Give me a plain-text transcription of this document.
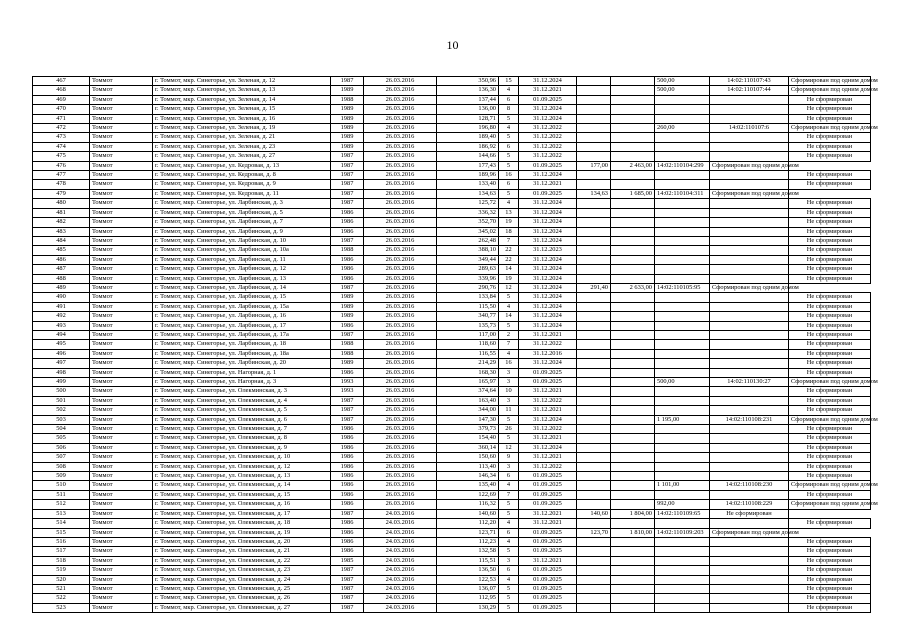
10
467	Томмот	г. Томмот, мкр. Синегорье, ул. Зеленая, д. 12	1987	26.03.2016	350,96	15	31.12.2024			500,00	14:02:110107:43	Сформирован под одним домом
468	Томмот	г. Томмот, мкр. Синегорье, ул. Зеленая, д. 13	1989	26.03.2016	136,30	4	31.12.2021			500,00	14:02:110107:44	Сформирован под одним домом
469	Томмот	г. Томмот, мкр. Синегорье, ул. Зеленая, д. 14	1988	26.03.2016	137,44	6	01.09.2025					Не сформирован
470	Томмот	г. Томмот, мкр. Синегорье, ул. Зеленая, д. 15	1989	26.03.2016	136,00	8	31.12.2024					Не сформирован
471	Томмот	г. Томмот, мкр. Синегорье, ул. Зеленая, д. 16	1989	26.03.2016	128,71	5	31.12.2024					Не сформирован
472	Томмот	г. Томмот, мкр. Синегорье, ул. Зеленая, д. 19	1989	26.03.2016	196,80	4	31.12.2022			260,00	14:02:110107:6	Сформирован под одним домом
473	Томмот	г. Томмот, мкр. Синегорье, ул. Зеленая, д. 21	1989	26.03.2016	189,40	5	31.12.2022					Не сформирован
474	Томмот	г. Томмот, мкр. Синегорье, ул. Зеленая, д. 23	1989	26.03.2016	186,92	6	31.12.2022					Не сформирован
475	Томмот	г. Томмот, мкр. Синегорье, ул. Зеленая, д. 27	1987	26.03.2016	144,66	5	31.12.2022					Не сформирован
476	Томмот	г. Томмот, мкр. Синегорье, ул. Кедровая, д. 13	1987	26.03.2016	177,43	5	01.09.2025	177,00	2 463,00	14:02:110104:299	Сформирован под одним домом	
477	Томмот	г. Томмот, мкр. Синегорье, ул. Кедровая, д. 8	1987	26.03.2016	189,96	16	31.12.2024					Не сформирован
478	Томмот	г. Томмот, мкр. Синегорье, ул. Кедровая, д. 9	1987	26.03.2016	133,40	6	31.12.2021					Не сформирован
479	Томмот	г. Томмот, мкр. Синегорье, ул. Кедровая, д. 11	1987	26.03.2016	134,63	5	01.09.2025	134,63	1 685,00	14:02:110104:311	Сформирован под одним домом	
480	Томмот	г. Томмот, мкр. Синегорье, ул. Ларбинская, д. 3	1987	26.03.2016	125,72	4	31.12.2024					Не сформирован
481	Томмот	г. Томмот, мкр. Синегорье, ул. Ларбинская, д. 5	1986	26.03.2016	336,32	13	31.12.2024					Не сформирован
482	Томмот	г. Томмот, мкр. Синегорье, ул. Ларбинская, д. 7	1986	26.03.2016	352,70	19	31.12.2024					Не сформирован
483	Томмот	г. Томмот, мкр. Синегорье, ул. Ларбинская, д. 9	1986	26.03.2016	345,02	18	31.12.2024					Не сформирован
484	Томмот	г. Томмот, мкр. Синегорье, ул. Ларбинская, д. 10	1987	26.03.2016	262,48	7	31.12.2024					Не сформирован
485	Томмот	г. Томмот, мкр. Синегорье, ул. Ларбинская, д. 10а	1988	26.03.2016	388,10	22	31.12.2023					Не сформирован
486	Томмот	г. Томмот, мкр. Синегорье, ул. Ларбинская, д. 11	1986	26.03.2016	349,44	22	31.12.2024					Не сформирован
487	Томмот	г. Томмот, мкр. Синегорье, ул. Ларбинская, д. 12	1986	26.03.2016	289,63	14	31.12.2024					Не сформирован
488	Томмот	г. Томмот, мкр. Синегорье, ул. Ларбинская, д. 13	1986	26.03.2016	339,96	19	31.12.2024					Не сформирован
489	Томмот	г. Томмот, мкр. Синегорье, ул. Ларбинская, д. 14	1987	26.03.2016	290,76	12	31.12.2024	291,40	2 633,00	14:02:110105:95	Сформирован под одним домом	
490	Томмот	г. Томмот, мкр. Синегорье, ул. Ларбинская, д. 15	1989	26.03.2016	133,84	5	31.12.2024					Не сформирован
491	Томмот	г. Томмот, мкр. Синегорье, ул. Ларбинская, д. 15а	1989	26.03.2016	115,50	4	31.12.2024					Не сформирован
492	Томмот	г. Томмот, мкр. Синегорье, ул. Ларбинская, д. 16	1989	26.03.2016	340,77	14	31.12.2024					Не сформирован
493	Томмот	г. Томмот, мкр. Синегорье, ул. Ларбинская, д. 17	1986	26.03.2016	135,73	5	31.12.2024					Не сформирован
494	Томмот	г. Томмот, мкр. Синегорье, ул. Ларбинская, д. 17а	1987	26.03.2016	117,00	2	31.12.2021					Не сформирован
495	Томмот	г. Томмот, мкр. Синегорье, ул. Ларбинская, д. 18	1988	26.03.2016	118,60	7	31.12.2022					Не сформирован
496	Томмот	г. Томмот, мкр. Синегорье, ул. Ларбинская, д. 18а	1988	26.03.2016	116,55	4	31.12.2016					Не сформирован
497	Томмот	г. Томмот, мкр. Синегорье, ул. Ларбинская, д. 20	1989	26.03.2016	214,29	16	31.12.2024					Не сформирован
498	Томмот	г. Томмот, мкр. Синегорье, ул. Нагорная, д. 1	1986	26.03.2016	168,30	3	01.09.2025					Не сформирован
499	Томмот	г. Томмот, мкр. Синегорье, ул. Нагорная, д. 3	1993	26.03.2016	165,97	3	01.09.2025			500,00	14:02:110130:27	Сформирован под одним домом
500	Томмот	г. Томмот, мкр. Синегорье, ул. Олекминская, д. 3	1993	26.03.2016	374,64	10	31.12.2021					Не сформирован
501	Томмот	г. Томмот, мкр. Синегорье, ул. Олекминская, д. 4	1987	26.03.2016	163,40	3	31.12.2022					Не сформирован
502	Томмот	г. Томмот, мкр. Синегорье, ул. Олекминская, д. 5	1987	26.03.2016	344,00	11	31.12.2021					Не сформирован
503	Томмот	г. Томмот, мкр. Синегорье, ул. Олекминская, д. 6	1987	26.03.2016	147,30	5	31.12.2024			1 195,00	14:02:110108:231	Сформирован под одним домом
504	Томмот	г. Томмот, мкр. Синегорье, ул. Олекминская, д. 7	1986	26.03.2016	379,73	26	31.12.2022					Не сформирован
505	Томмот	г. Томмот, мкр. Синегорье, ул. Олекминская, д. 8	1986	26.03.2016	154,40	5	31.12.2021					Не сформирован
506	Томмот	г. Томмот, мкр. Синегорье, ул. Олекминская, д. 9	1986	26.03.2016	360,14	12	31.12.2024					Не сформирован
507	Томмот	г. Томмот, мкр. Синегорье, ул. Олекминская, д. 10	1986	26.03.2016	150,60	9	31.12.2021					Не сформирован
508	Томмот	г. Томмот, мкр. Синегорье, ул. Олекминская, д. 12	1986	26.03.2016	113,40	3	31.12.2022					Не сформирован
509	Томмот	г. Томмот, мкр. Синегорье, ул. Олекминская, д. 13	1986	26.03.2016	146,34	6	01.09.2025					Не сформирован
510	Томмот	г. Томмот, мкр. Синегорье, ул. Олекминская, д. 14	1986	26.03.2016	135,40	4	01.09.2025			1 101,00	14:02:110108:230	Сформирован под одним домом
511	Томмот	г. Томмот, мкр. Синегорье, ул. Олекминская, д. 15	1986	26.03.2016	122,69	7	01.09.2025					Не сформирован
512	Томмот	г. Томмот, мкр. Синегорье, ул. Олекминская, д. 16	1986	26.03.2016	116,32	5	01.09.2025			992,00	14:02:110108:229	Сформирован под одним домом
513	Томмот	г. Томмот, мкр. Синегорье, ул. Олекминская, д. 17	1987	24.03.2016	140,60	5	31.12.2021	140,60	1 804,00	14:02:110109:65	Не сформирован	
514	Томмот	г. Томмот, мкр. Синегорье, ул. Олекминская, д. 18	1986	24.03.2016	112,20	4	31.12.2021					Не сформирован
515	Томмот	г. Томмот, мкр. Синегорье, ул. Олекминская, д. 19	1986	24.03.2016	123,71	6	01.09.2025	123,70	1 810,00	14:02:110109:203	Сформирован под одним домом	
516	Томмот	г. Томмот, мкр. Синегорье, ул. Олекминская, д. 20	1986	24.03.2016	112,23	4	01.09.2025					Не сформирован
517	Томмот	г. Томмот, мкр. Синегорье, ул. Олекминская, д. 21	1986	24.03.2016	132,58	5	01.09.2025					Не сформирован
518	Томмот	г. Томмот, мкр. Синегорье, ул. Олекминская, д. 22	1985	24.03.2016	115,51	3	31.12.2021					Не сформирован
519	Томмот	г. Томмот, мкр. Синегорье, ул. Олекминская, д. 23	1987	24.03.2016	136,50	6	01.09.2025					Не сформирован
520	Томмот	г. Томмот, мкр. Синегорье, ул. Олекминская, д. 24	1987	24.03.2016	122,53	4	01.09.2025					Не сформирован
521	Томмот	г. Томмот, мкр. Синегорье, ул. Олекминская, д. 25	1987	24.03.2016	136,07	5	01.09.2025					Не сформирован
522	Томмот	г. Томмот, мкр. Синегорье, ул. Олекминская, д. 26	1987	24.03.2016	112,95	5	01.09.2025					Не сформирован
523	Томмот	г. Томмот, мкр. Синегорье, ул. Олекминская, д. 27	1987	24.03.2016	130,29	5	01.09.2025					Не сформирован
